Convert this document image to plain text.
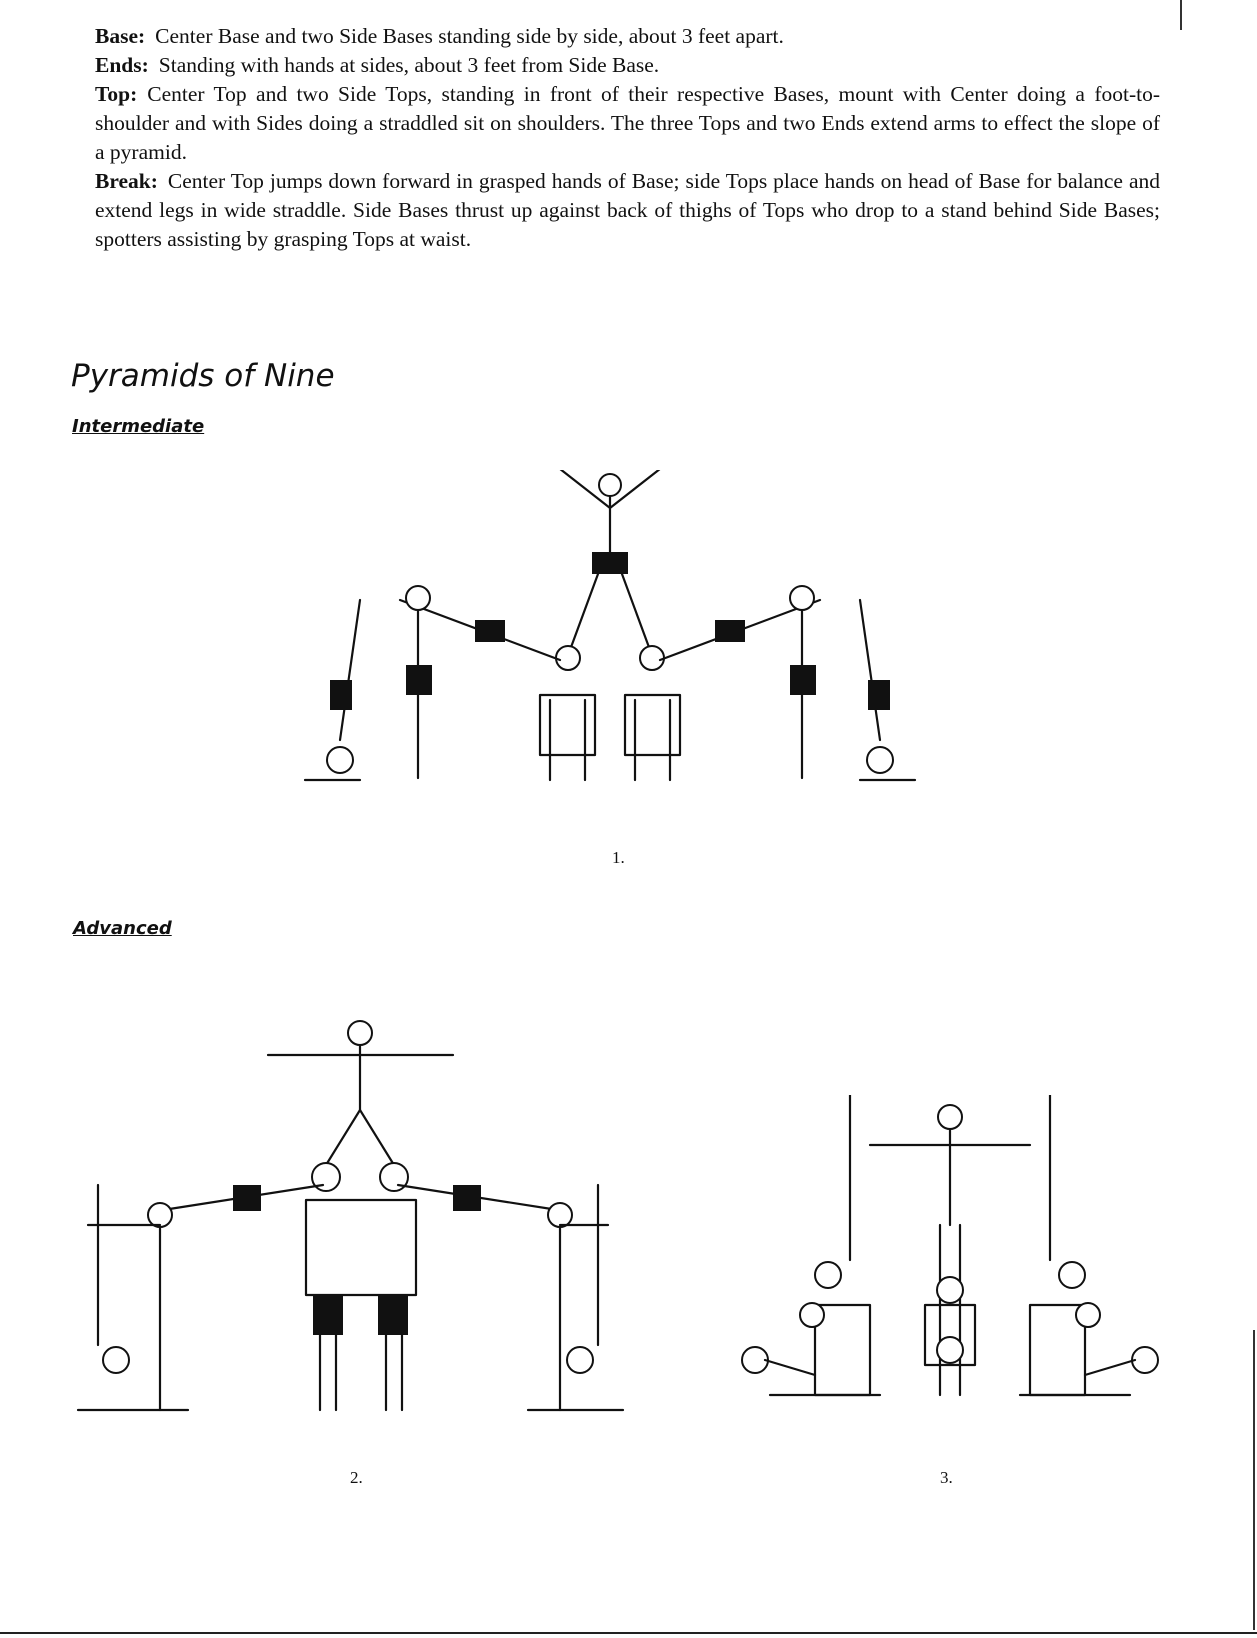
Base: Center Base and two Side Bases standing side by side, about 3 feet apart.

Ends: Standing with hands at sides, about 3 feet from Side Base.

Top: Center Top and two Side Tops, standing in front of their respective Bases, mount with Center doing a foot-to-shoulder and with Sides doing a straddled sit on shoulders. The three Tops and two Ends extend arms to effect the slope of a pyramid.

Break: Center Top jumps down forward in grasped hands of Base; side Tops place hands on head of Base for balance and extend legs in wide straddle. Side Bases thrust up against back of thighs of Tops who drop to a stand behind Side Bases; spotters assisting by grasping Tops at waist.

Pyramids of Nine
Intermediate
1.
Advanced
2.	3.
